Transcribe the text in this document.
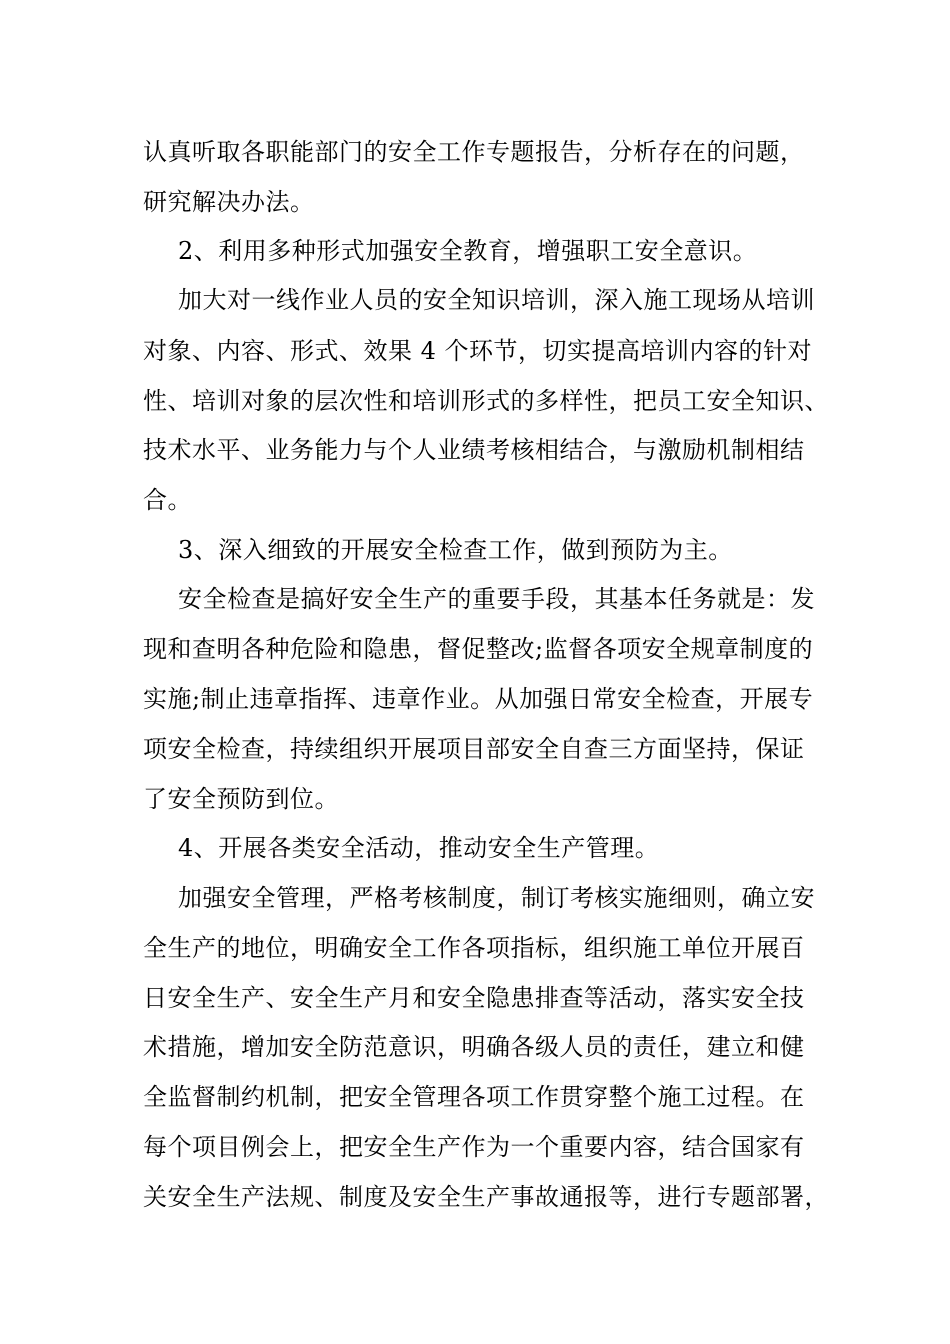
认真听取各职能部门的安全工作专题报告，分析存在的问题，
研究解决办法。
2、利用多种形式加强安全教育，增强职工安全意识。
加大对一线作业人员的安全知识培训，深入施工现场从培训
对象、内容、形式、效果 4 个环节，切实提高培训内容的针对
性、培训对象的层次性和培训形式的多样性，把员工安全知识、
技术水平、业务能力与个人业绩考核相结合，与激励机制相结
合。
3、深入细致的开展安全检查工作，做到预防为主。
安全检查是搞好安全生产的重要手段，其基本任务就是：发
现和查明各种危险和隐患，督促整改;监督各项安全规章制度的
实施;制止违章指挥、违章作业。从加强日常安全检查，开展专
项安全检查，持续组织开展项目部安全自查三方面坚持，保证
了安全预防到位。
4、开展各类安全活动，推动安全生产管理。
加强安全管理，严格考核制度，制订考核实施细则，确立安
全生产的地位，明确安全工作各项指标，组织施工单位开展百
日安全生产、安全生产月和安全隐患排查等活动，落实安全技
术措施，增加安全防范意识，明确各级人员的责任，建立和健
全监督制约机制，把安全管理各项工作贯穿整个施工过程。在
每个项目例会上，把安全生产作为一个重要内容，结合国家有
关安全生产法规、制度及安全生产事故通报等，进行专题部署，
